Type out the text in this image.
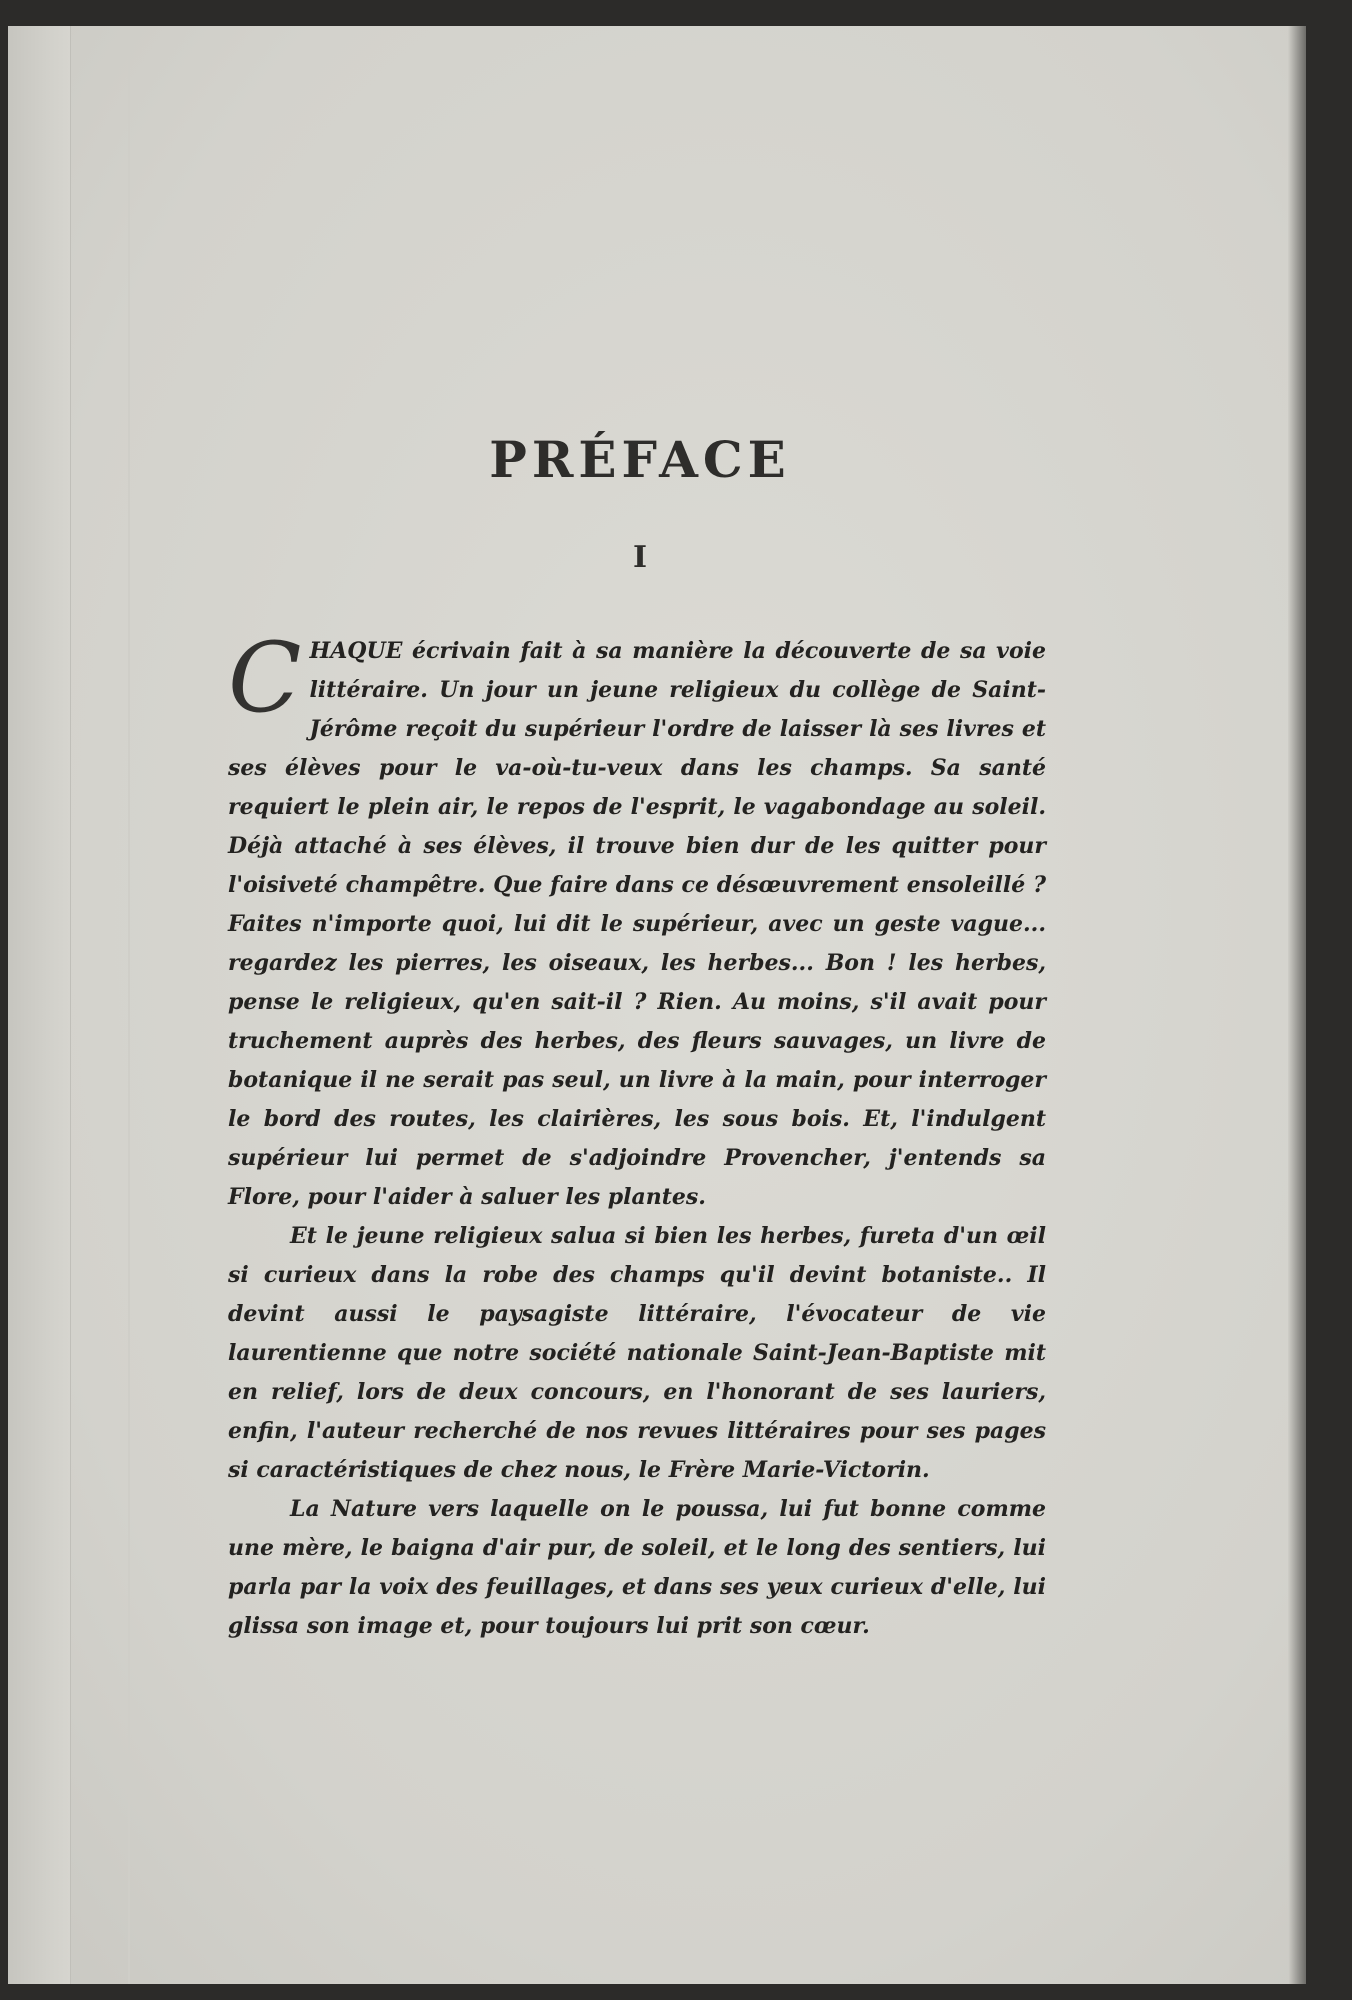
PRÉFACE
I

CHAQUE écrivain fait à sa manière la découverte de sa voie littéraire. Un jour un jeune religieux du collège de Saint-Jérôme reçoit du supérieur l'ordre de laisser là ses livres et ses élèves pour le va-où-tu-veux dans les champs. Sa santé requiert le plein air, le repos de l'esprit, le vagabondage au soleil. Déjà attaché à ses élèves, il trouve bien dur de les quitter pour l'oisiveté champêtre. Que faire dans ce désœuvrement ensoleillé ? Faites n'importe quoi, lui dit le supérieur, avec un geste vague... regardez les pierres, les oiseaux, les herbes... Bon ! les herbes, pense le religieux, qu'en sait-il ? Rien. Au moins, s'il avait pour truchement auprès des herbes, des fleurs sauvages, un livre de botanique il ne serait pas seul, un livre à la main, pour interroger le bord des routes, les clairières, les sous bois. Et, l'indulgent supérieur lui permet de s'adjoindre Provencher, j'entends sa Flore, pour l'aider à saluer les plantes.

Et le jeune religieux salua si bien les herbes, fureta d'un œil si curieux dans la robe des champs qu'il devint botaniste.. Il devint aussi le paysagiste littéraire, l'évocateur de vie laurentienne que notre société nationale Saint-Jean-Baptiste mit en relief, lors de deux concours, en l'honorant de ses lauriers, enfin, l'auteur recherché de nos revues littéraires pour ses pages si caractéristiques de chez nous, le Frère Marie-Victorin.

La Nature vers laquelle on le poussa, lui fut bonne comme une mère, le baigna d'air pur, de soleil, et le long des sentiers, lui parla par la voix des feuillages, et dans ses yeux curieux d'elle, lui glissa son image et, pour toujours lui prit son cœur.
